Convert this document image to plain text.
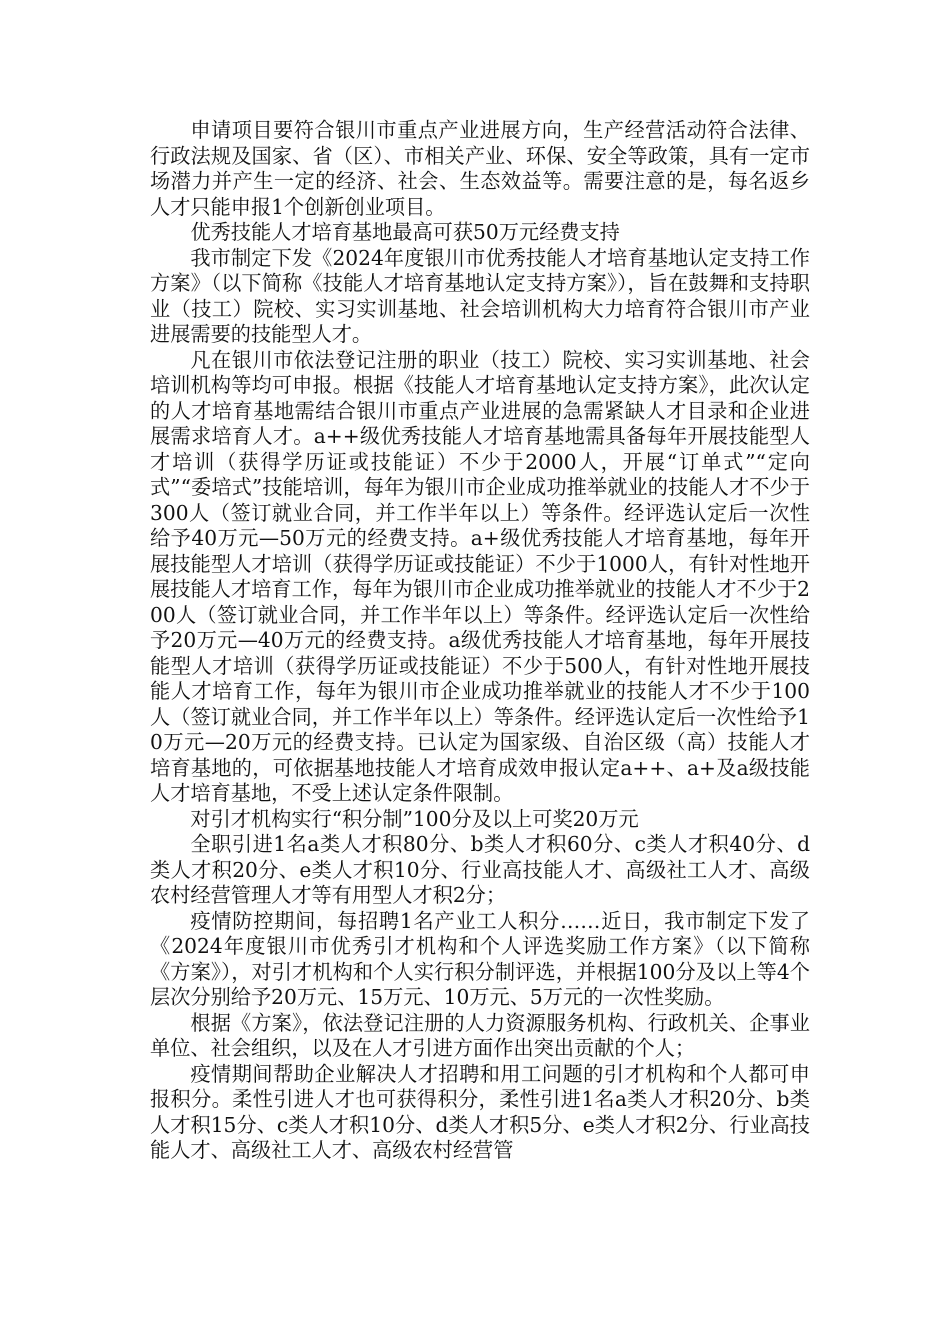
申请项目要符合银川市重点产业进展方向，生产经营活动符合法律、行政法规及国家、省（区）、市相关产业、环保、安全等政策，具有一定市场潜力并产生一定的经济、社会、生态效益等。需要注意的是，每名返乡人才只能申报1个创新创业项目。

优秀技能人才培育基地最高可获50万元经费支持

我市制定下发《2024年度银川市优秀技能人才培育基地认定支持工作方案》（以下简称《技能人才培育基地认定支持方案》），旨在鼓舞和支持职业（技工）院校、实习实训基地、社会培训机构大力培育符合银川市产业进展需要的技能型人才。

凡在银川市依法登记注册的职业（技工）院校、实习实训基地、社会培训机构等均可申报。根据《技能人才培育基地认定支持方案》，此次认定的人才培育基地需结合银川市重点产业进展的急需紧缺人才目录和企业进展需求培育人才。a++级优秀技能人才培育基地需具备每年开展技能型人才培训（获得学历证或技能证）不少于2000人，开展“订单式”“定向式”“委培式”技能培训，每年为银川市企业成功推举就业的技能人才不少于300人（签订就业合同，并工作半年以上）等条件。经评选认定后一次性给予40万元—50万元的经费支持。a+级优秀技能人才培育基地，每年开展技能型人才培训（获得学历证或技能证）不少于1000人，有针对性地开展技能人才培育工作，每年为银川市企业成功推举就业的技能人才不少于200人（签订就业合同，并工作半年以上）等条件。经评选认定后一次性给予20万元—40万元的经费支持。a级优秀技能人才培育基地，每年开展技能型人才培训（获得学历证或技能证）不少于500人，有针对性地开展技能人才培育工作，每年为银川市企业成功推举就业的技能人才不少于100人（签订就业合同，并工作半年以上）等条件。经评选认定后一次性给予10万元—20万元的经费支持。已认定为国家级、自治区级（高）技能人才培育基地的，可依据基地技能人才培育成效申报认定a++、a+及a级技能人才培育基地，不受上述认定条件限制。

对引才机构实行“积分制”100分及以上可奖20万元

全职引进1名a类人才积80分、b类人才积60分、c类人才积40分、d类人才积20分、e类人才积10分、行业高技能人才、高级社工人才、高级农村经营管理人才等有用型人才积2分；

疫情防控期间，每招聘1名产业工人积分……近日，我市制定下发了《2024年度银川市优秀引才机构和个人评选奖励工作方案》（以下简称《方案》），对引才机构和个人实行积分制评选，并根据100分及以上等4个层次分别给予20万元、15万元、10万元、5万元的一次性奖励。

根据《方案》，依法登记注册的人力资源服务机构、行政机关、企事业单位、社会组织，以及在人才引进方面作出突出贡献的个人；

疫情期间帮助企业解决人才招聘和用工问题的引才机构和个人都可申报积分。柔性引进人才也可获得积分，柔性引进1名a类人才积20分、b类人才积15分、c类人才积10分、d类人才积5分、e类人才积2分、行业高技能人才、高级社工人才、高级农村经营管
